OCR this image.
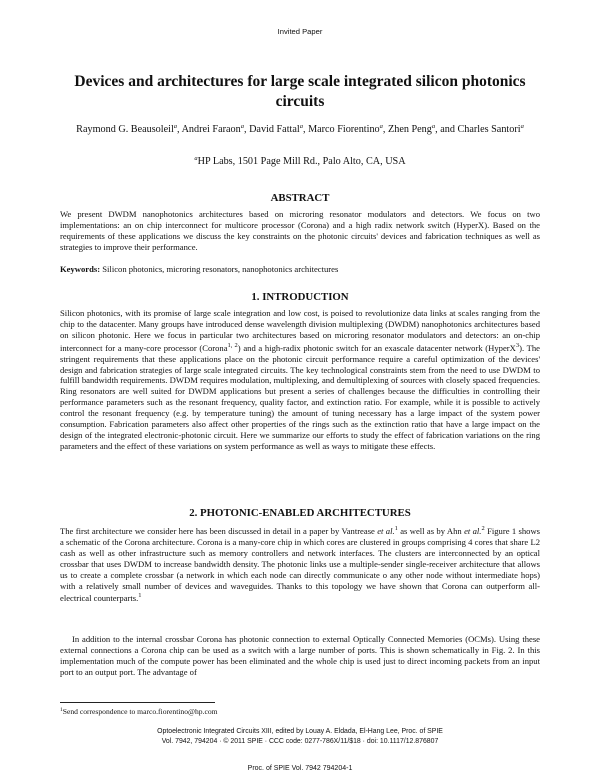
Invited Paper
Devices and architectures for large scale integrated silicon photonics circuits
Raymond G. Beausoleil$^a$, Andrei Faraon$^a$, David Fattal$^a$, Marco Fiorentino$^a$, Zhen Peng$^a$, and Charles Santori$^a$
$^a$HP Labs, 1501 Page Mill Rd., Palo Alto, CA, USA
ABSTRACT

We present DWDM nanophotonics architectures based on microring resonator modulators and detectors. We focus on two implementations: an on chip interconnect for multicore processor (Corona) and a high radix network switch (HyperX). Based on the requirements of these applications we discuss the key constraints on the photonic circuits' devices and fabrication techniques as well as strategies to improve their performance.

Keywords: Silicon photonics, microring resonators, nanophotonics architectures

1. INTRODUCTION

Silicon photonics, with its promise of large scale integration and low cost, is poised to revolutionize data links at scales ranging from the chip to the datacenter. Many groups have introduced dense wavelength division multiplexing (DWDM) nanophotonics architectures based on silicon photonic. Here we focus in particular two architectures based on microring resonator modulators and detectors: an on-chip interconnect for a many-core processor (Corona$^{1, 2}$) and a high-radix photonic switch for an exascale datacenter network (HyperX$^3$). The stringent requirements that these applications place on the photonic circuit performance require a careful optimization of the devices' design and fabrication strategies of large scale integrated circuits. The key technological constraints stem from the need to use DWDM to fulfill bandwidth requirements. DWDM requires modulation, multiplexing, and demultiplexing of sources with closely spaced frequencies. Ring resonators are well suited for DWDM applications but present a series of challenges because the difficulties in controlling their performance parameters such as the resonant frequency, quality factor, and extinction ratio. For example, while it is possible to actively control the resonant frequency (e.g. by temperature tuning) the amount of tuning necessary has a large impact of the system power consumption. Fabrication parameters also affect other properties of the rings such as the extinction ratio that have a large impact on the design of the integrated electronic-photonic circuit. Here we summarize our efforts to study the effect of fabrication variations on the ring parameters and the effect of these variations on system performance as well as ways to mitigate these effects.

2. PHOTONIC-ENABLED ARCHITECTURES

The first architecture we consider here has been discussed in detail in a paper by Vantrease et al.$^1$ as well as by Ahn et al.$^2$ Figure 1 shows a schematic of the Corona architecture. Corona is a many-core chip in which cores are clustered in groups comprising 4 cores that share L2 cash as well as other infrastructure such as memory controllers and network interfaces. The clusters are interconnected by an optical crossbar that uses DWDM to increase bandwidth density. The photonic links use a multiple-sender single-receiver architecture that allows us to create a complete crossbar (a network in which each node can directly communicate o any other node without intermediate hops) with a relatively small number of devices and waveguides. Thanks to this topology we have shown that Corona can outperform all-electrical counterparts.$^1$

In addition to the internal crossbar Corona has photonic connection to external Optically Connected Memories (OCMs). Using these external connections a Corona chip can be used as a switch with a large number of ports. This is shown schematically in Fig. 2. In this implementation much of the compute power has been eliminated and the whole chip is used just to direct incoming packets from an input port to an output port. The advantage of

$^1$Send correspondence to marco.fiorentino@hp.com
Optoelectronic Integrated Circuits XIII, edited by Louay A. Eldada, El-Hang Lee, Proc. of SPIE
Vol. 7942, 794204 · © 2011 SPIE · CCC code: 0277-786X/11/$18 · doi: 10.1117/12.876807
Proc. of SPIE Vol. 7942 794204-1
